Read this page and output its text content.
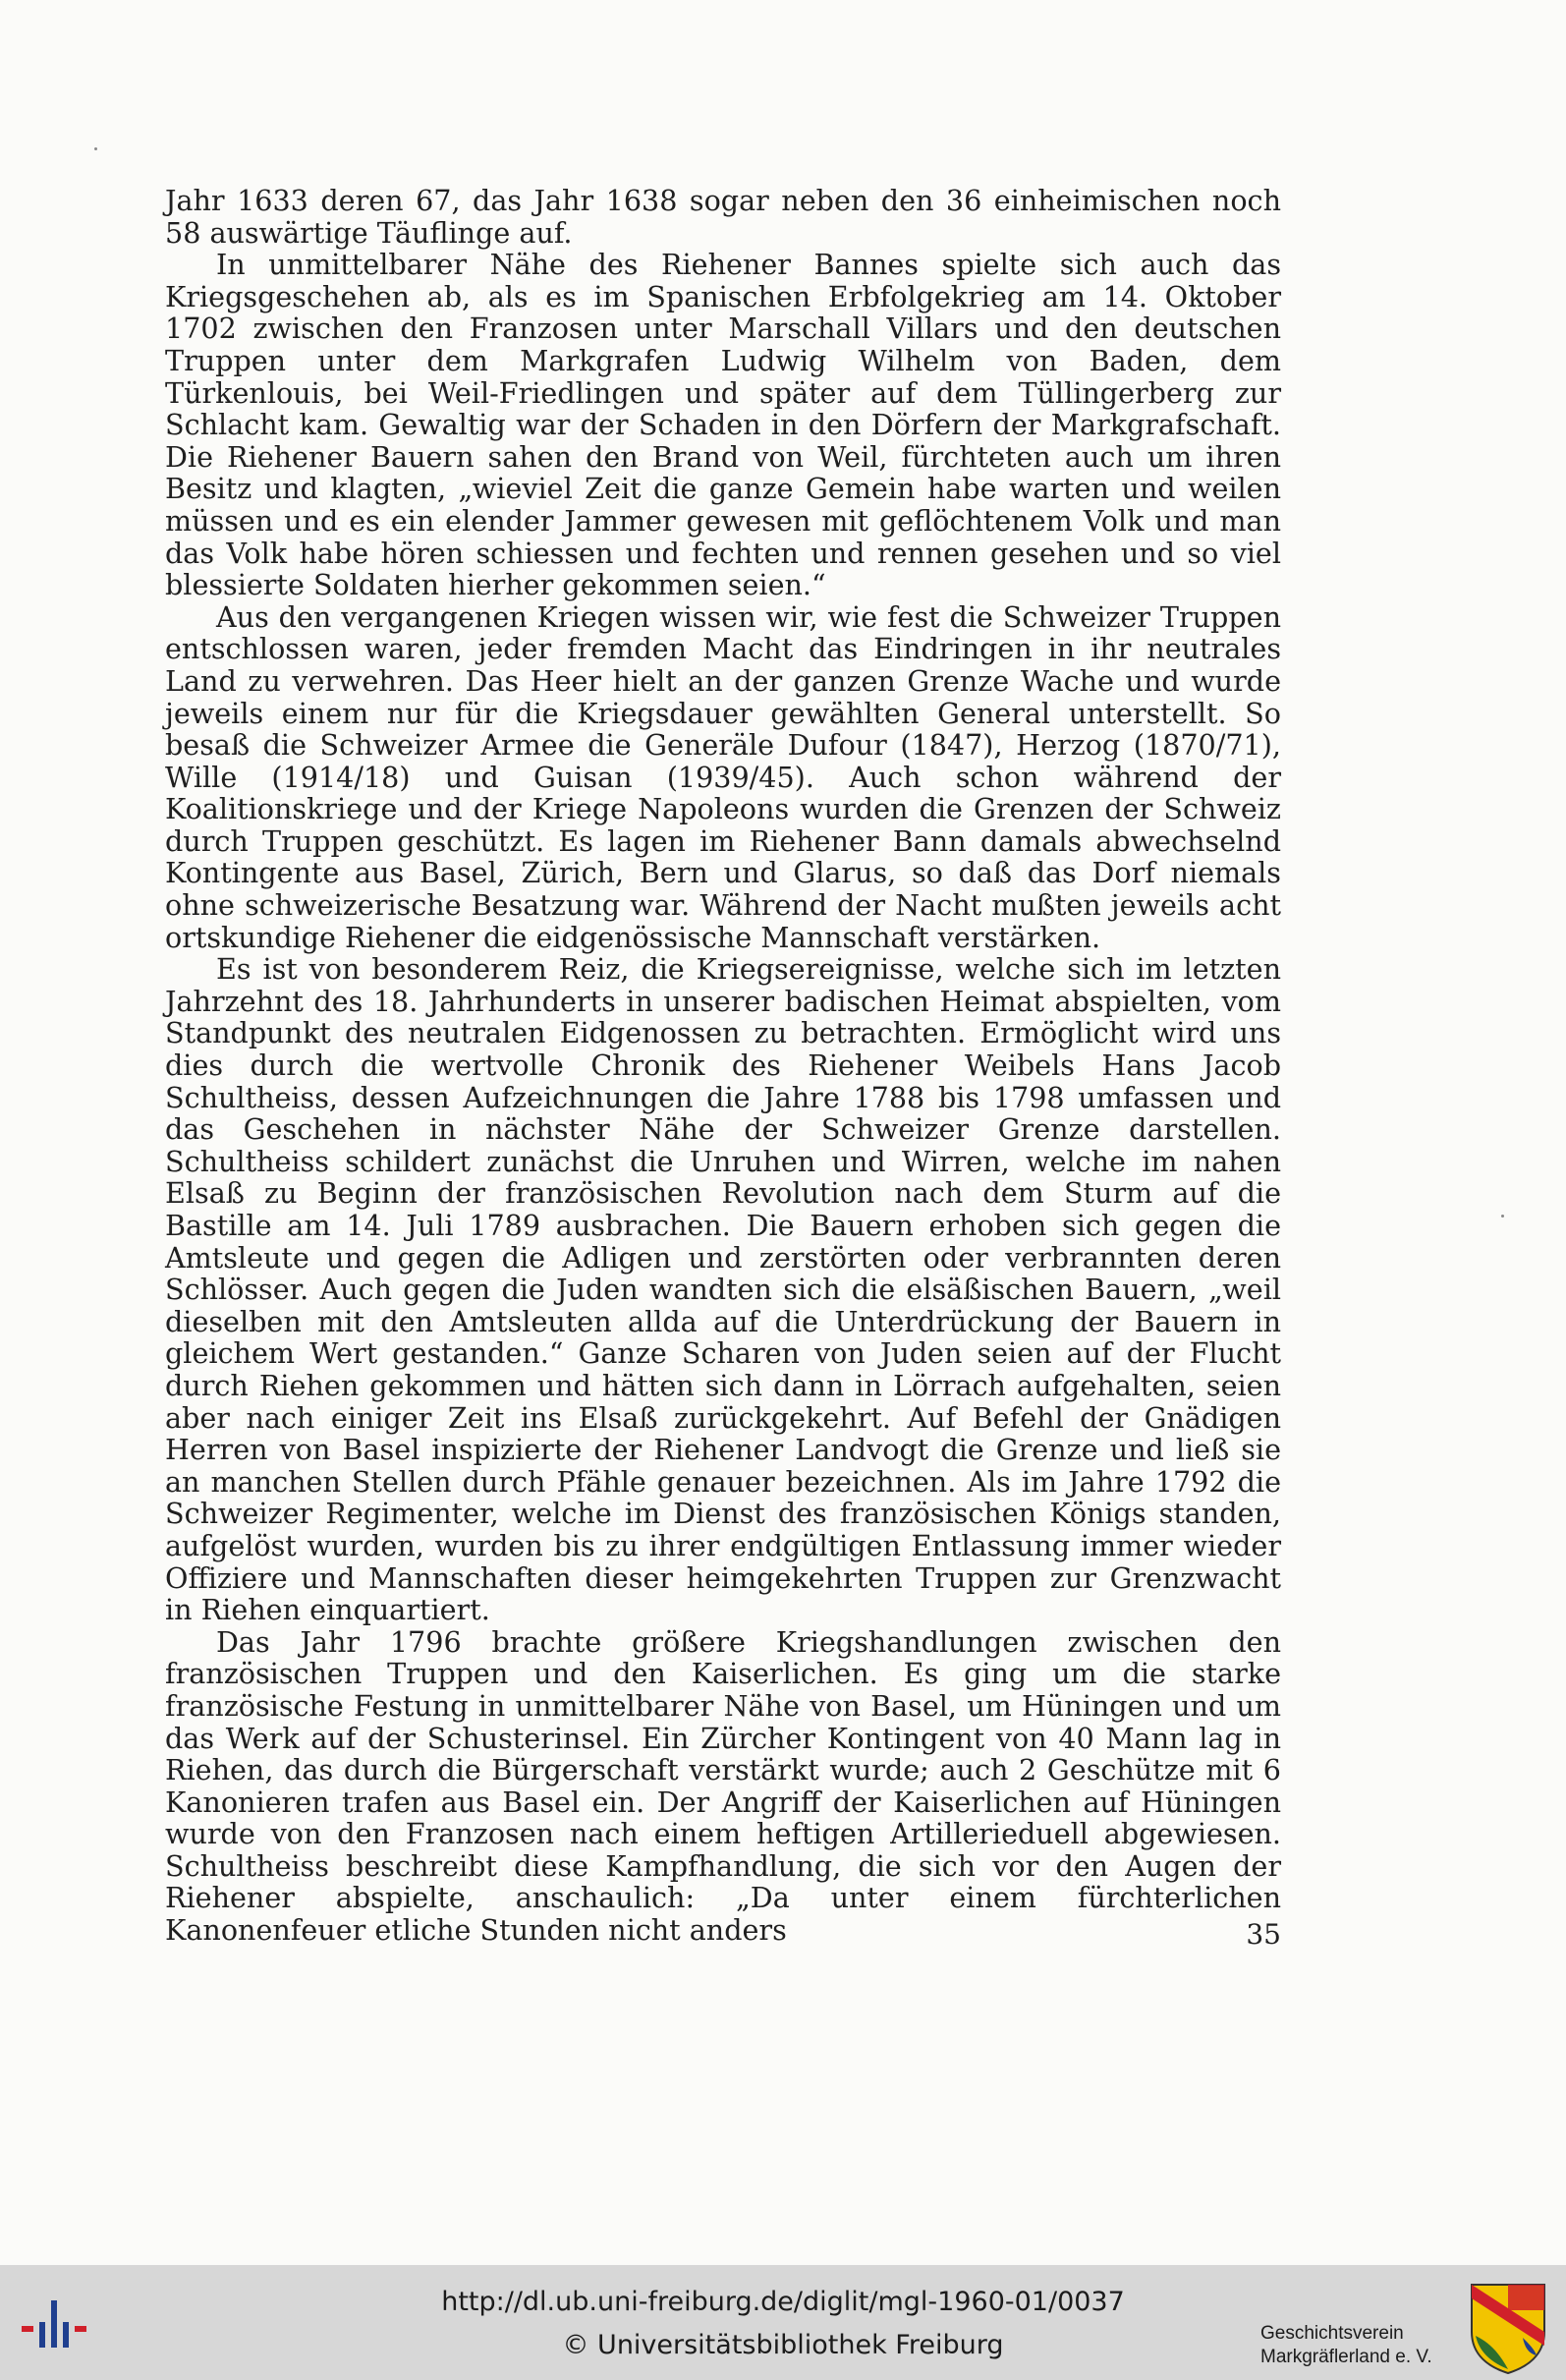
Jahr 1633 deren 67, das Jahr 1638 sogar neben den 36 einheimischen noch 58 auswärtige Täuflinge auf.

In unmittelbarer Nähe des Riehener Bannes spielte sich auch das Kriegsgeschehen ab, als es im Spanischen Erbfolgekrieg am 14. Oktober 1702 zwischen den Franzosen unter Marschall Villars und den deutschen Truppen unter dem Markgrafen Ludwig Wilhelm von Baden, dem Türkenlouis, bei Weil-Friedlingen und später auf dem Tüllingerberg zur Schlacht kam. Gewaltig war der Schaden in den Dörfern der Markgrafschaft. Die Riehener Bauern sahen den Brand von Weil, fürchteten auch um ihren Besitz und klagten, „wieviel Zeit die ganze Gemein habe warten und weilen müssen und es ein elender Jammer gewesen mit geflöchtenem Volk und man das Volk habe hören schiessen und fechten und rennen gesehen und so viel blessierte Soldaten hierher gekommen seien.“

Aus den vergangenen Kriegen wissen wir, wie fest die Schweizer Truppen entschlossen waren, jeder fremden Macht das Eindringen in ihr neutrales Land zu verwehren. Das Heer hielt an der ganzen Grenze Wache und wurde jeweils einem nur für die Kriegsdauer gewählten General unterstellt. So besaß die Schweizer Armee die Generäle Dufour (1847), Herzog (1870/71), Wille (1914/18) und Guisan (1939/45). Auch schon während der Koalitionskriege und der Kriege Napoleons wurden die Grenzen der Schweiz durch Truppen geschützt. Es lagen im Riehener Bann damals abwechselnd Kontingente aus Basel, Zürich, Bern und Glarus, so daß das Dorf niemals ohne schweizerische Besatzung war. Während der Nacht mußten jeweils acht ortskundige Riehener die eidgenössische Mannschaft verstärken.

Es ist von besonderem Reiz, die Kriegsereignisse, welche sich im letzten Jahrzehnt des 18. Jahrhunderts in unserer badischen Heimat abspielten, vom Standpunkt des neutralen Eidgenossen zu betrachten. Ermöglicht wird uns dies durch die wertvolle Chronik des Riehener Weibels Hans Jacob Schultheiss, dessen Aufzeichnungen die Jahre 1788 bis 1798 umfassen und das Geschehen in nächster Nähe der Schweizer Grenze darstellen. Schultheiss schildert zunächst die Unruhen und Wirren, welche im nahen Elsaß zu Beginn der französischen Revolution nach dem Sturm auf die Bastille am 14. Juli 1789 ausbrachen. Die Bauern erhoben sich gegen die Amtsleute und gegen die Adligen und zerstörten oder verbrannten deren Schlösser. Auch gegen die Juden wandten sich die elsäßischen Bauern, „weil dieselben mit den Amtsleuten allda auf die Unterdrückung der Bauern in gleichem Wert gestanden.“ Ganze Scharen von Juden seien auf der Flucht durch Riehen gekommen und hätten sich dann in Lörrach aufgehalten, seien aber nach einiger Zeit ins Elsaß zurückgekehrt. Auf Befehl der Gnädigen Herren von Basel inspizierte der Riehener Landvogt die Grenze und ließ sie an manchen Stellen durch Pfähle genauer bezeichnen. Als im Jahre 1792 die Schweizer Regimenter, welche im Dienst des französischen Königs standen, aufgelöst wurden, wurden bis zu ihrer endgültigen Entlassung immer wieder Offiziere und Mannschaften dieser heimgekehrten Truppen zur Grenzwacht in Riehen einquartiert.

Das Jahr 1796 brachte größere Kriegshandlungen zwischen den französischen Truppen und den Kaiserlichen. Es ging um die starke französische Festung in unmittelbarer Nähe von Basel, um Hüningen und um das Werk auf der Schusterinsel. Ein Zürcher Kontingent von 40 Mann lag in Riehen, das durch die Bürgerschaft verstärkt wurde; auch 2 Geschütze mit 6 Kanonieren trafen aus Basel ein. Der Angriff der Kaiserlichen auf Hüningen wurde von den Franzosen nach einem heftigen Artillerieduell abgewiesen. Schultheiss beschreibt diese Kampfhandlung, die sich vor den Augen der Riehener abspielte, anschaulich: „Da unter einem fürchterlichen Kanonenfeuer etliche Stunden nicht anders	35
http://dl.ub.uni-freiburg.de/diglit/mgl-1960-01/0037
© Universitätsbibliothek Freiburg	Geschichtsverein
Markgräflerland e. V.
